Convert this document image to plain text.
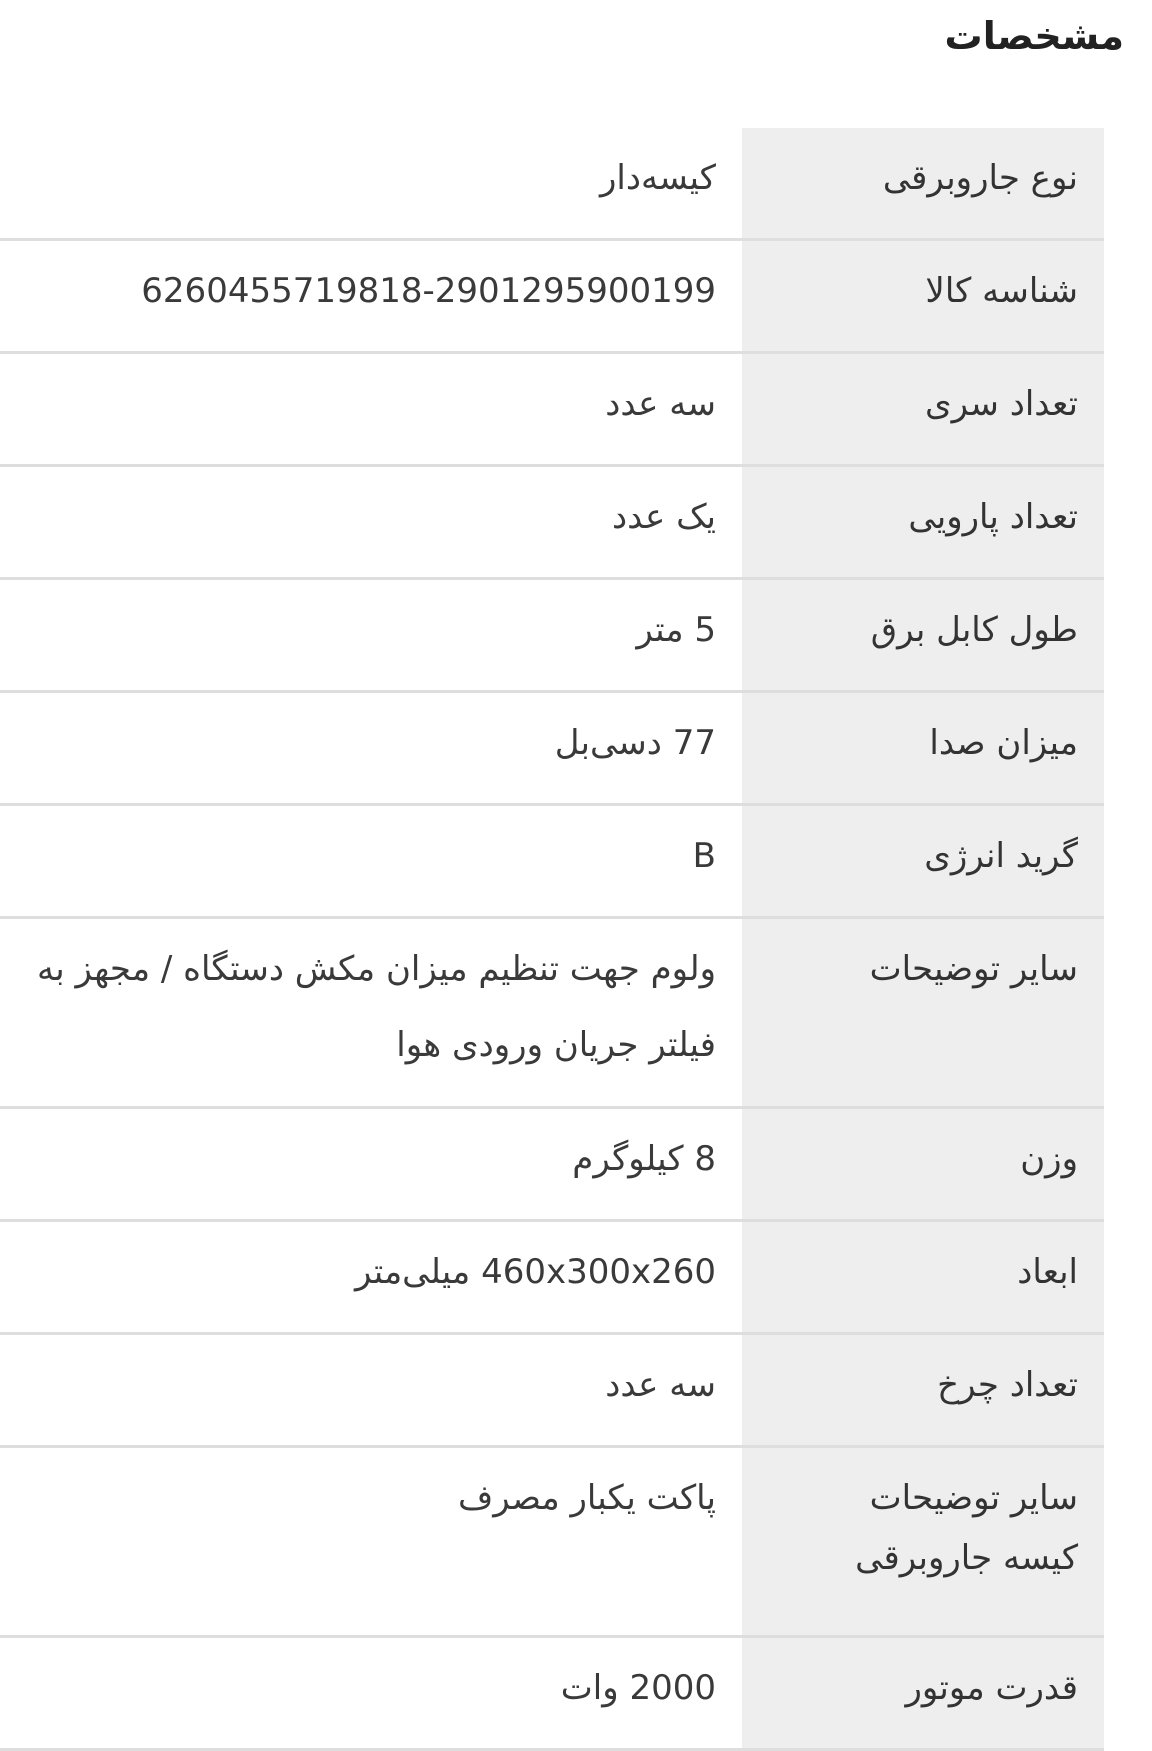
مشخصات
نوع جاروبرقی
کیسه‌دار
شناسه کالا
6260455719818-2901295900199
تعداد سری
سه عدد
تعداد پارویی
یک عدد
طول کابل برق
5 متر
میزان صدا
77 دسی‌بل
گرید انرژی
B
سایر توضیحات
ولوم جهت تنظیم میزان مکش دستگاه / مجهز به
فیلتر جریان ورودی هوا
وزن
8 کیلوگرم
ابعاد
460x300x260 میلی‌متر
تعداد چرخ
سه عدد
سایر توضیحات
کیسه جاروبرقی
پاکت یکبار مصرف
قدرت موتور
2000 وات
